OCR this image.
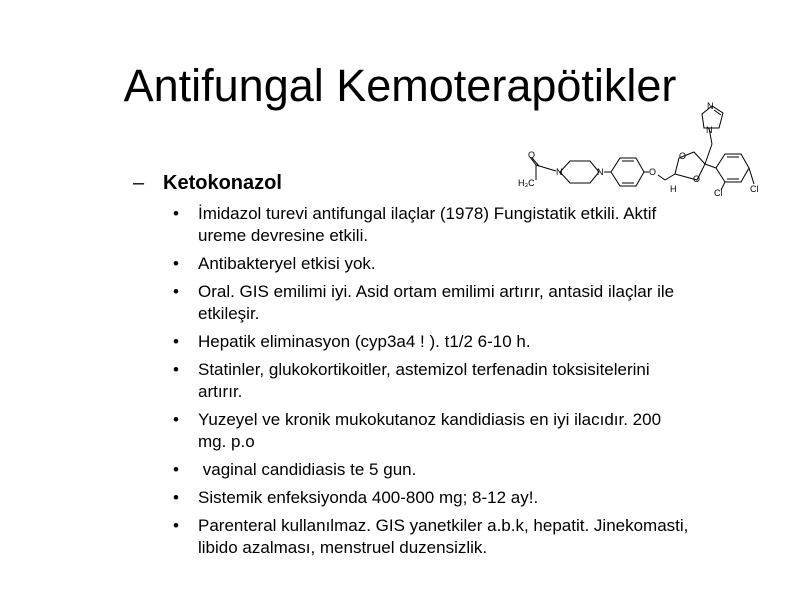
Antifungal Kemoterapötikler
O
H₃C
N	N	O
O
O
H
N
N
Cl	Cl
– Ketokonazol
• İmidazol turevi antifungal ilaçlar (1978) Fungistatik etkili. Aktif ureme devresine etkili.
• Antibakteryel etkisi yok.
• Oral. GIS emilimi iyi. Asid ortam emilimi artırır, antasid ilaçlar ile etkileşir.
• Hepatik eliminasyon (cyp3a4 ! ). t1/2 6-10 h.
• Statinler, glukokortikoitler, astemizol terfenadin toksisitelerini artırır.
• Yuzeyel ve kronik mukokutanoz kandidiasis en iyi ilacıdır. 200 mg. p.o
• vaginal candidiasis te 5 gun.
• Sistemik enfeksiyonda 400-800 mg; 8-12 ay!.
• Parenteral kullanılmaz. GIS yanetkiler a.b.k, hepatit. Jinekomasti, libido azalması, menstruel duzensizlik.
